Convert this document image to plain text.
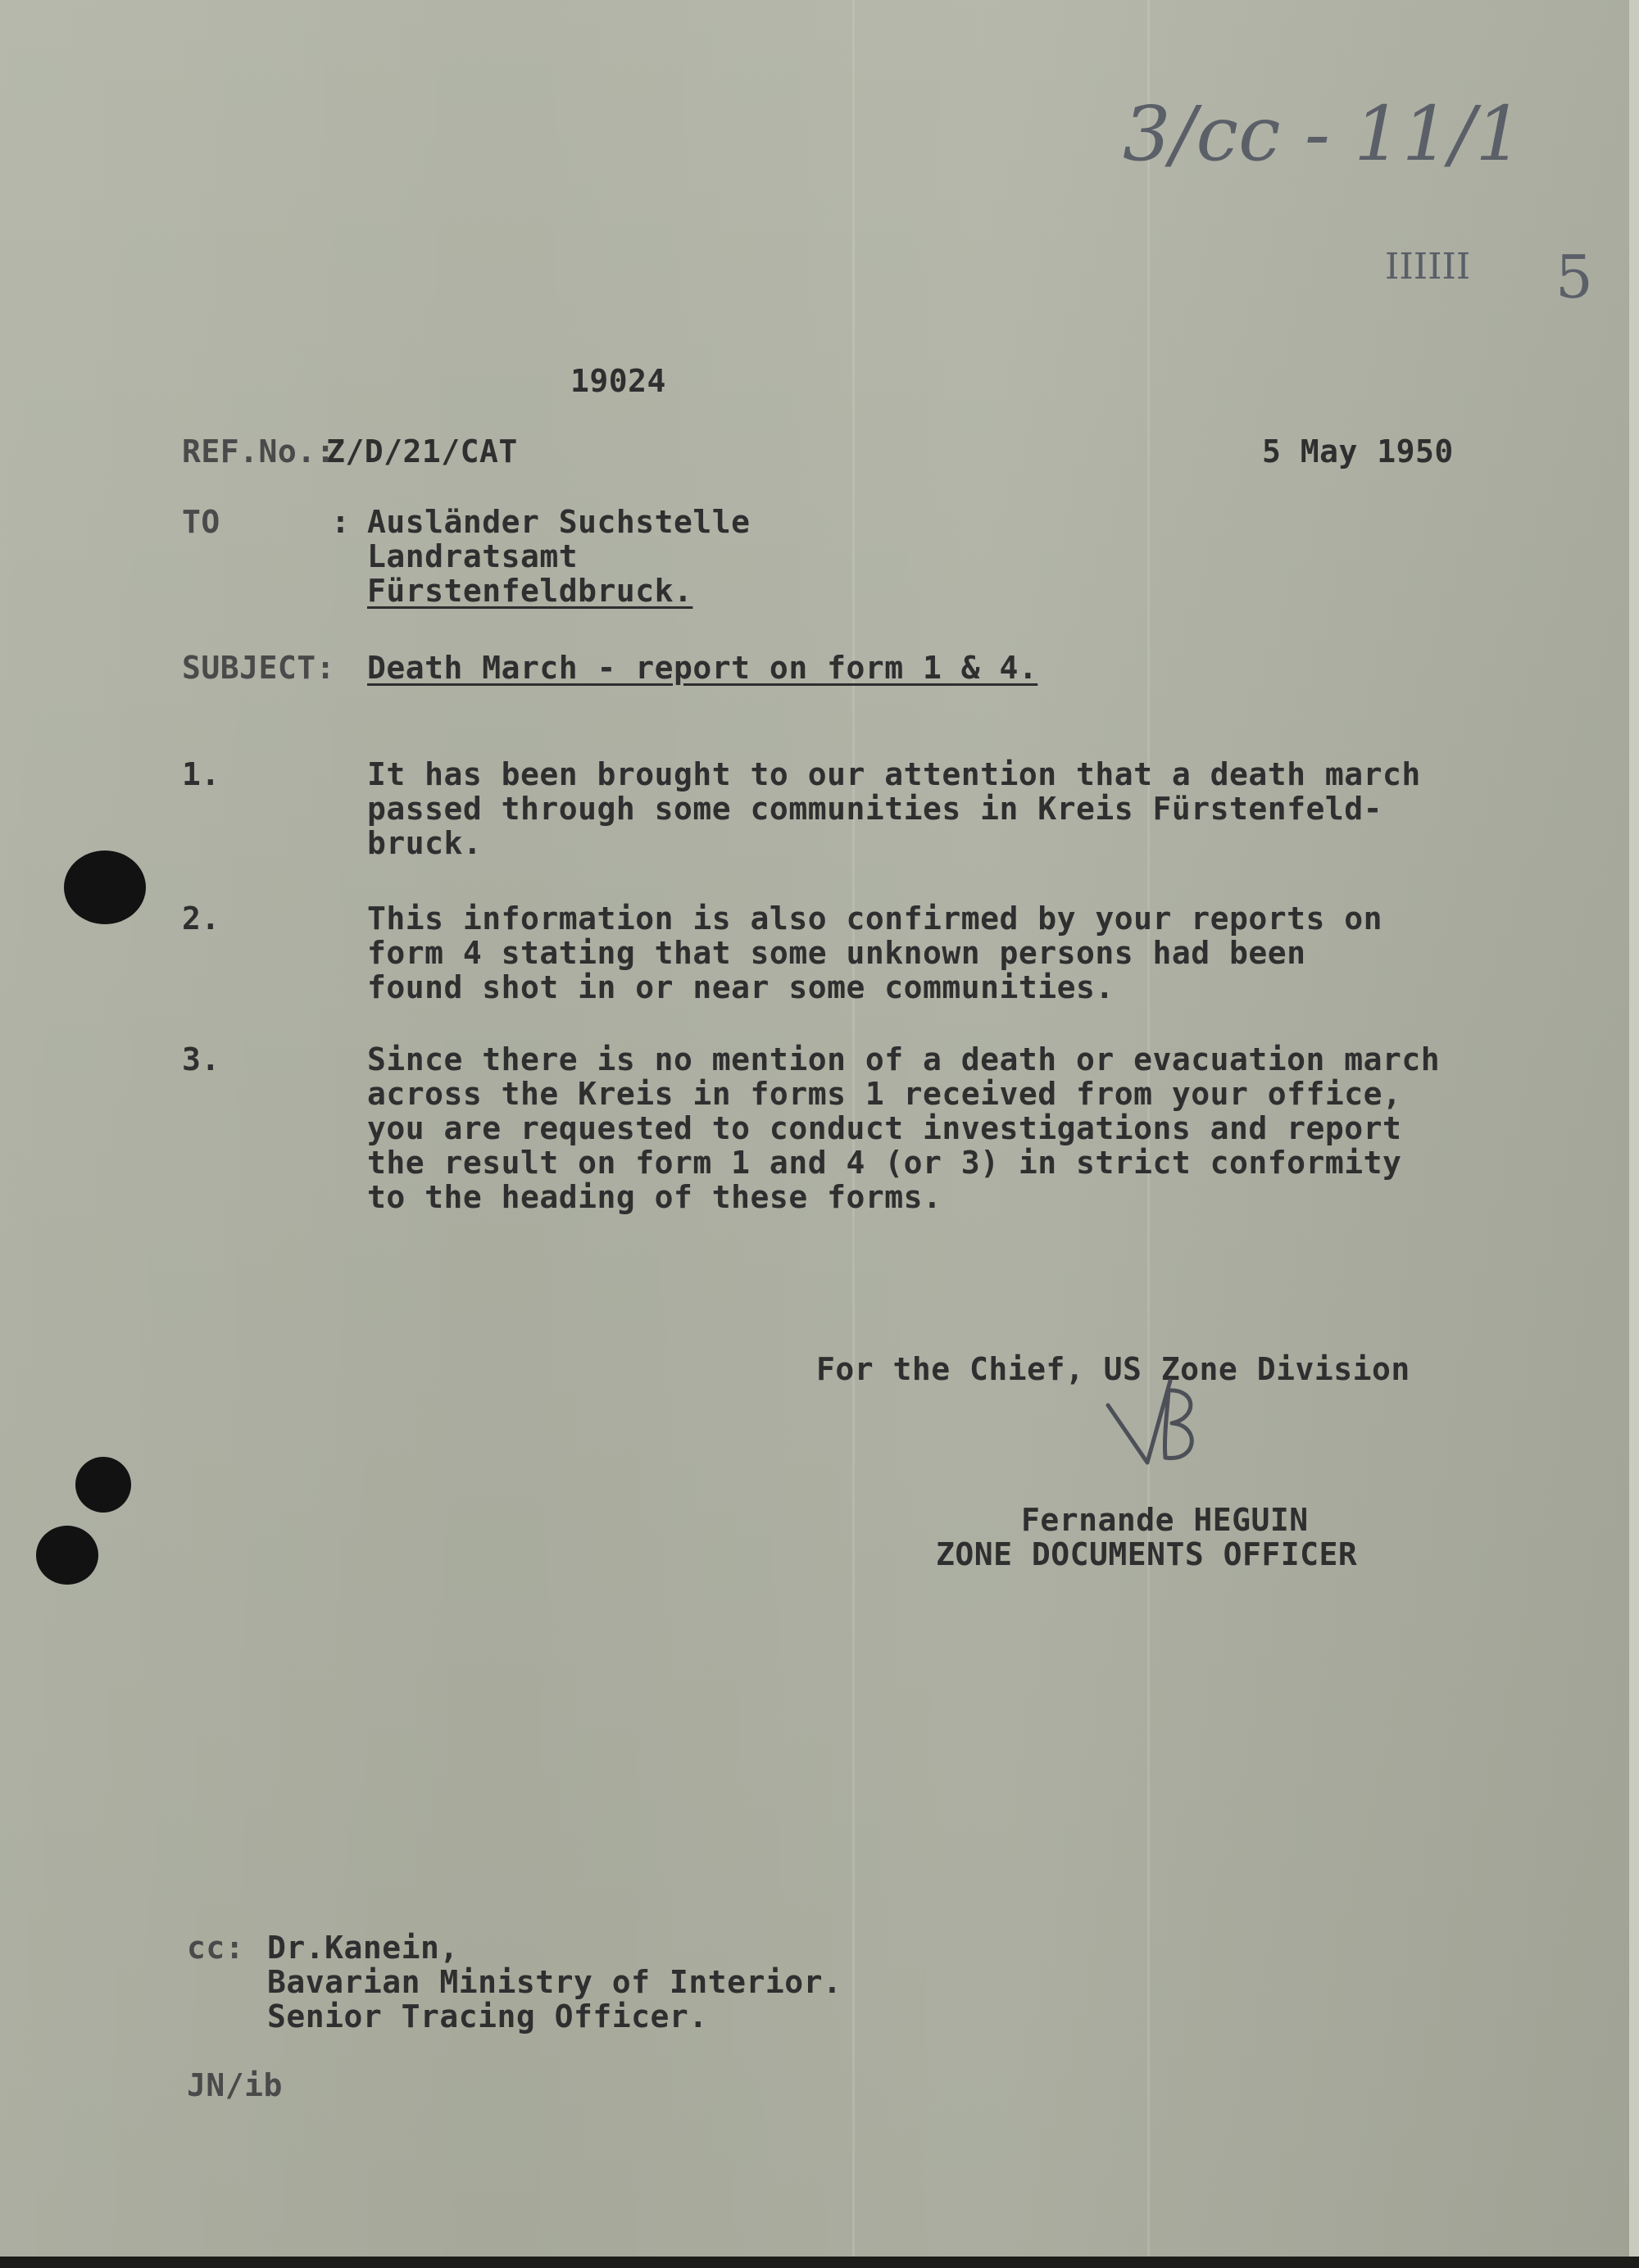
3/cc - 11/1

IIIIII 5

19024

REF.No.:

Z/D/21/CAT	5 May 1950

TO	: Ausländer Suchstelle

Landratsamt

Fürstenfeldbruck.

SUBJECT: Death March - report on form 1 & 4.

1.	It has been brought to our attention that a death march

passed through some communities in Kreis Fürstenfeld-

bruck.

2.	This information is also confirmed by your reports on

form 4 stating that some unknown persons had been

found shot in or near some communities.

3.	Since there is no mention of a death or evacuation march

across the Kreis in forms 1 received from your office,

you are requested to conduct investigations and report

the result on form 1 and 4 (or 3) in strict conformity

to the heading of these forms.

For the Chief, US Zone Division

Fernande HEGUIN

ZONE DOCUMENTS OFFICER

cc: Dr.Kanein,

Bavarian Ministry of Interior.

Senior Tracing Officer.

JN/ib
